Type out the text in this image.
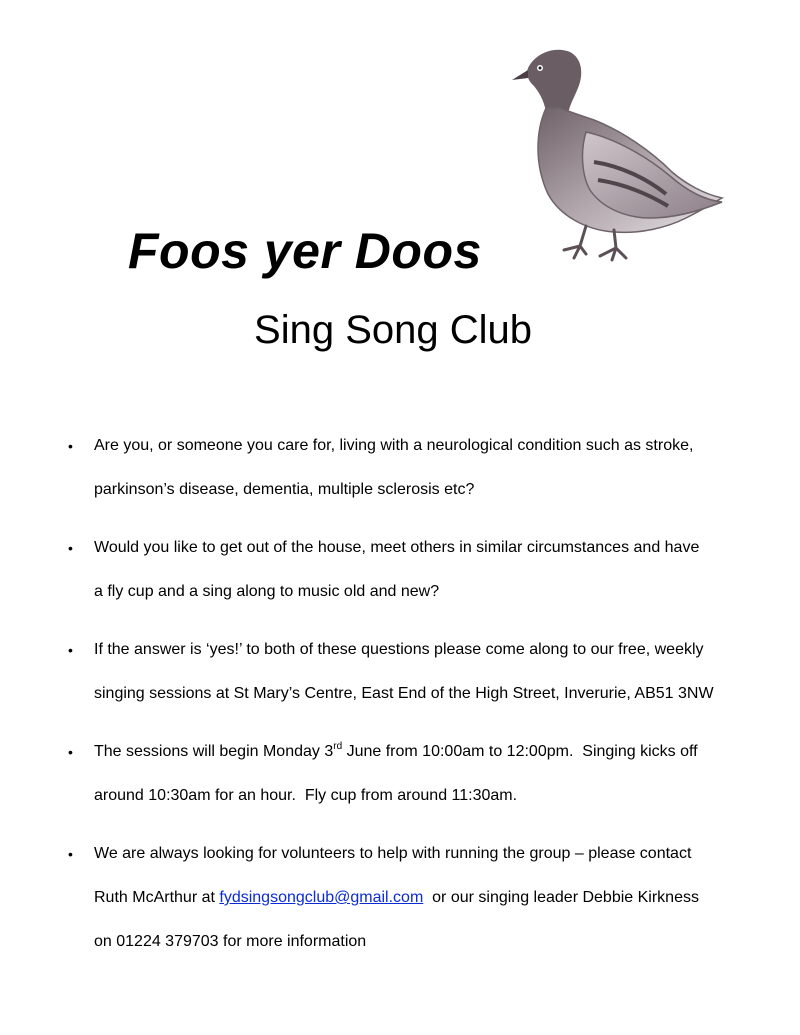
Foos yer Doos
Sing Song Club
• Are you, or someone you care for, living with a neurological condition such as stroke,
parkinson’s disease, dementia, multiple sclerosis etc?
• Would you like to get out of the house, meet others in similar circumstances and have
a fly cup and a sing along to music old and new?
• If the answer is ‘yes!’ to both of these questions please come along to our free, weekly
singing sessions at St Mary’s Centre, East End of the High Street, Inverurie, AB51 3NW
• The sessions will begin Monday 3rd June from 10:00am to 12:00pm.  Singing kicks off
around 10:30am for an hour.  Fly cup from around 11:30am.
• We are always looking for volunteers to help with running the group – please contact
Ruth McArthur at fydsingsongclub@gmail.com  or our singing leader Debbie Kirkness
on 01224 379703 for more information
